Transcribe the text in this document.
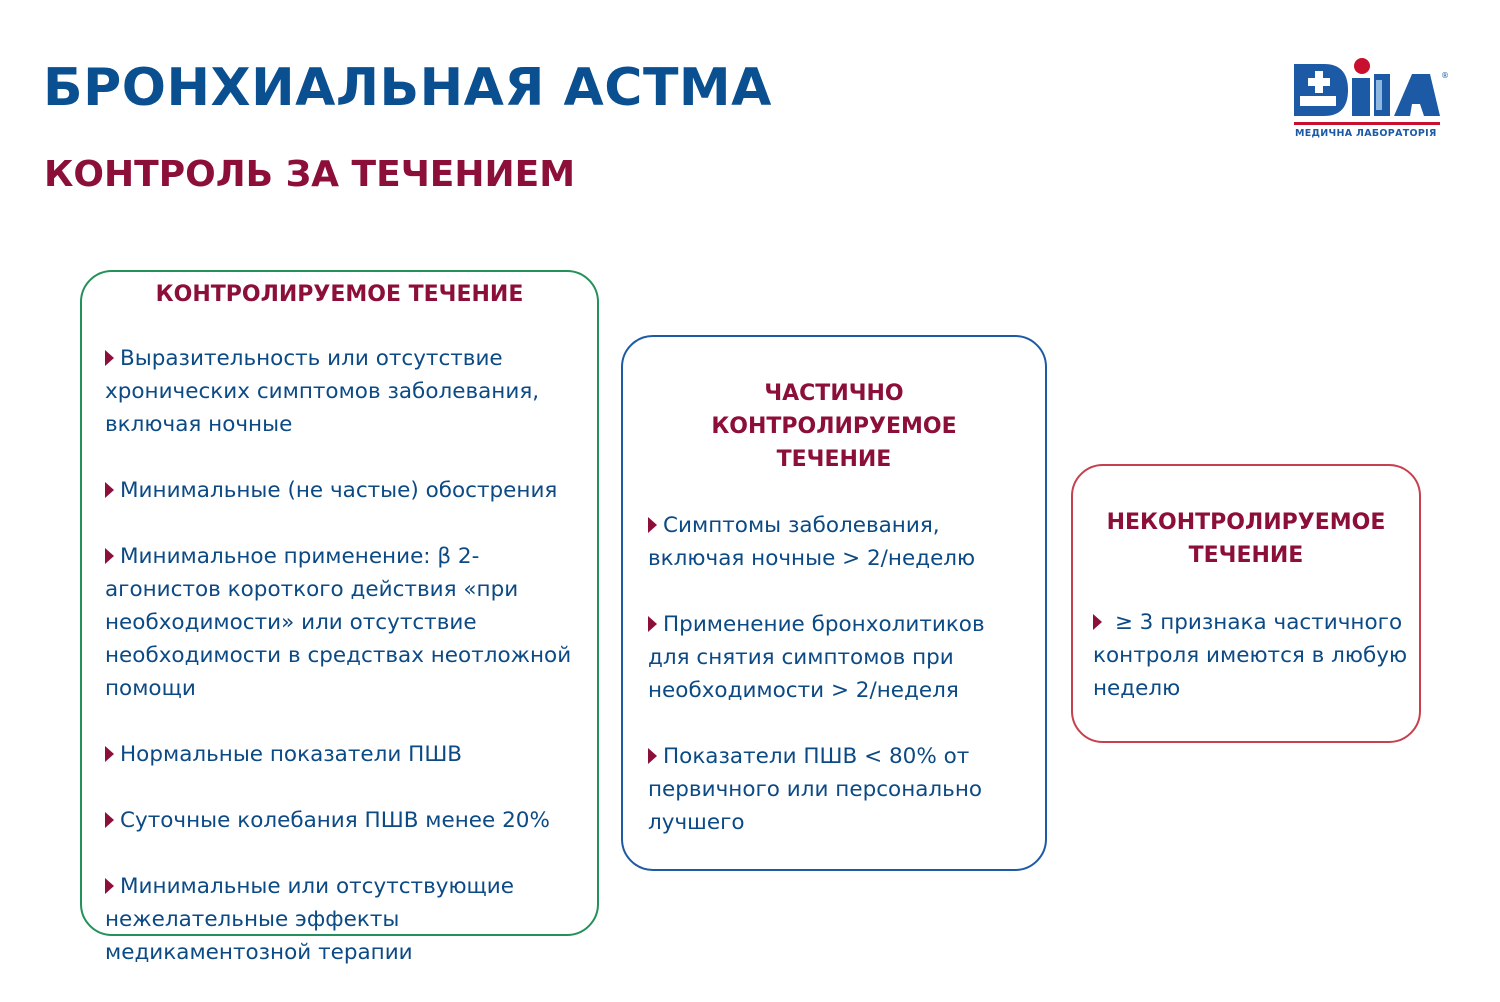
БРОНХИАЛЬНАЯ АСТМА
КОНТРОЛЬ ЗА ТЕЧЕНИЕМ
®
МЕДИЧНА ЛАБОРАТОРІЯ
КОНТРОЛИРУЕМОЕ ТЕЧЕНИЕ
Выразительность или отсутствие хронических симптомов заболевания, включая ночные
Минимальные (не частые) обострения
Минимальное применение: β 2- агонистов короткого действия «при необходимости» или отсутствие необходимости в средствах неотложной помощи
Нормальные показатели ПШВ
Суточные колебания ПШВ менее 20%
Минимальные или отсутствующие нежелательные эффекты медикаментозной терапии
ЧАСТИЧНО КОНТРОЛИРУЕМОЕ ТЕЧЕНИЕ
Симптомы заболевания, включая ночные > 2/неделю
Применение бронхолитиков для снятия симптомов при необходимости > 2/неделя
Показатели ПШВ < 80% от первичного или персонально лучшего
НЕКОНТРОЛИРУЕМОЕ ТЕЧЕНИЕ
≥ 3 признака частичного контроля имеются в любую неделю
